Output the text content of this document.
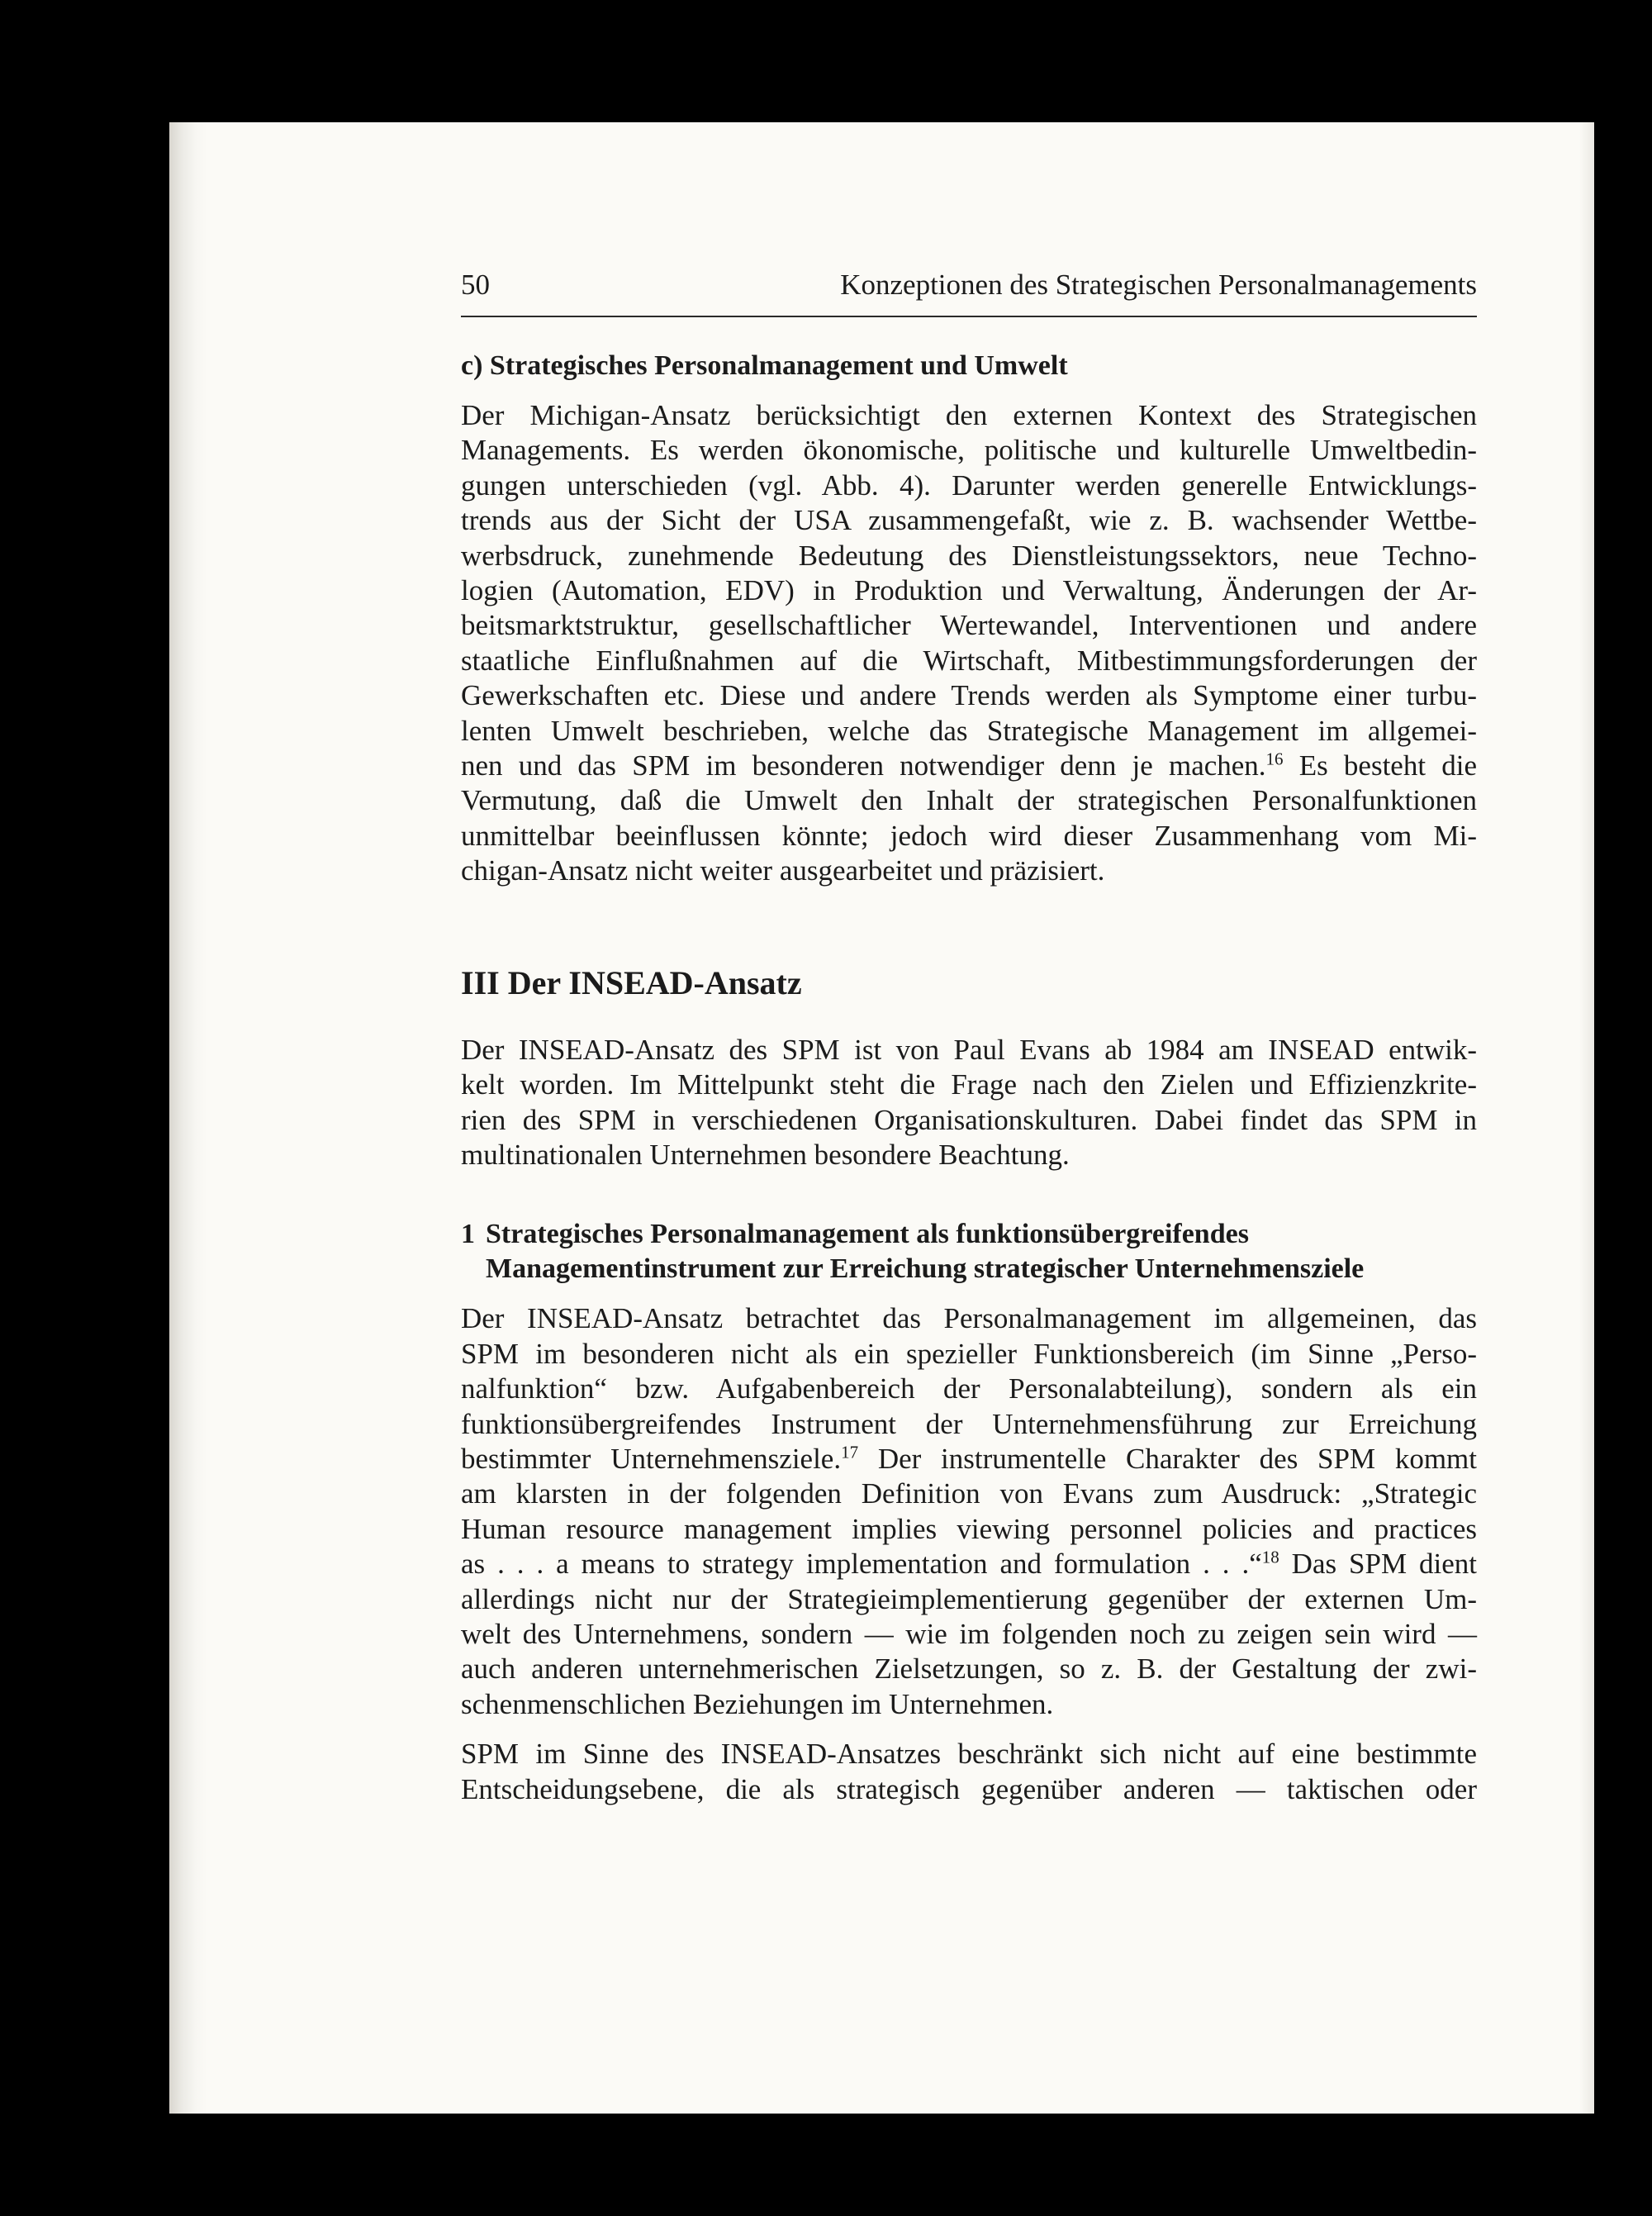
50	Konzeptionen des Strategischen Personalmanagements
c) Strategisches Personalmanagement und Umwelt

Der Michigan-Ansatz berücksichtigt den externen Kontext des Strategischen
Managements. Es werden ökonomische, politische und kulturelle Umweltbedin-
gungen unterschieden (vgl. Abb. 4). Darunter werden generelle Entwicklungs-
trends aus der Sicht der USA zusammengefaßt, wie z. B. wachsender Wettbe-
werbsdruck, zunehmende Bedeutung des Dienstleistungssektors, neue Techno-
logien (Automation, EDV) in Produktion und Verwaltung, Änderungen der Ar-
beitsmarktstruktur, gesellschaftlicher Wertewandel, Interventionen und andere
staatliche Einflußnahmen auf die Wirtschaft, Mitbestimmungsforderungen der
Gewerkschaften etc. Diese und andere Trends werden als Symptome einer turbu-
lenten Umwelt beschrieben, welche das Strategische Management im allgemei-
nen und das SPM im besonderen notwendiger denn je machen.$^{16}$ Es besteht die
Vermutung, daß die Umwelt den Inhalt der strategischen Personalfunktionen
unmittelbar beeinflussen könnte; jedoch wird dieser Zusammenhang vom Mi-
chigan-Ansatz nicht weiter ausgearbeitet und präzisiert.

III Der INSEAD-Ansatz

Der INSEAD-Ansatz des SPM ist von Paul Evans ab 1984 am INSEAD entwik-
kelt worden. Im Mittelpunkt steht die Frage nach den Zielen und Effizienzkrite-
rien des SPM in verschiedenen Organisationskulturen. Dabei findet das SPM in
multinationalen Unternehmen besondere Beachtung.

1 Strategisches Personalmanagement als funktionsübergreifendes
Managementinstrument zur Erreichung strategischer Unternehmensziele

Der INSEAD-Ansatz betrachtet das Personalmanagement im allgemeinen, das
SPM im besonderen nicht als ein spezieller Funktionsbereich (im Sinne „Perso-
nalfunktion“ bzw. Aufgabenbereich der Personalabteilung), sondern als ein
funktionsübergreifendes Instrument der Unternehmensführung zur Erreichung
bestimmter Unternehmensziele.$^{17}$ Der instrumentelle Charakter des SPM kommt
am klarsten in der folgenden Definition von Evans zum Ausdruck: „Strategic
Human resource management implies viewing personnel policies and practices
as . . . a means to strategy implementation and formulation . . .“$^{18}$ Das SPM dient
allerdings nicht nur der Strategieimplementierung gegenüber der externen Um-
welt des Unternehmens, sondern — wie im folgenden noch zu zeigen sein wird —
auch anderen unternehmerischen Zielsetzungen, so z. B. der Gestaltung der zwi-
schenmenschlichen Beziehungen im Unternehmen.

SPM im Sinne des INSEAD-Ansatzes beschränkt sich nicht auf eine bestimmte
Entscheidungsebene, die als strategisch gegenüber anderen — taktischen oder
